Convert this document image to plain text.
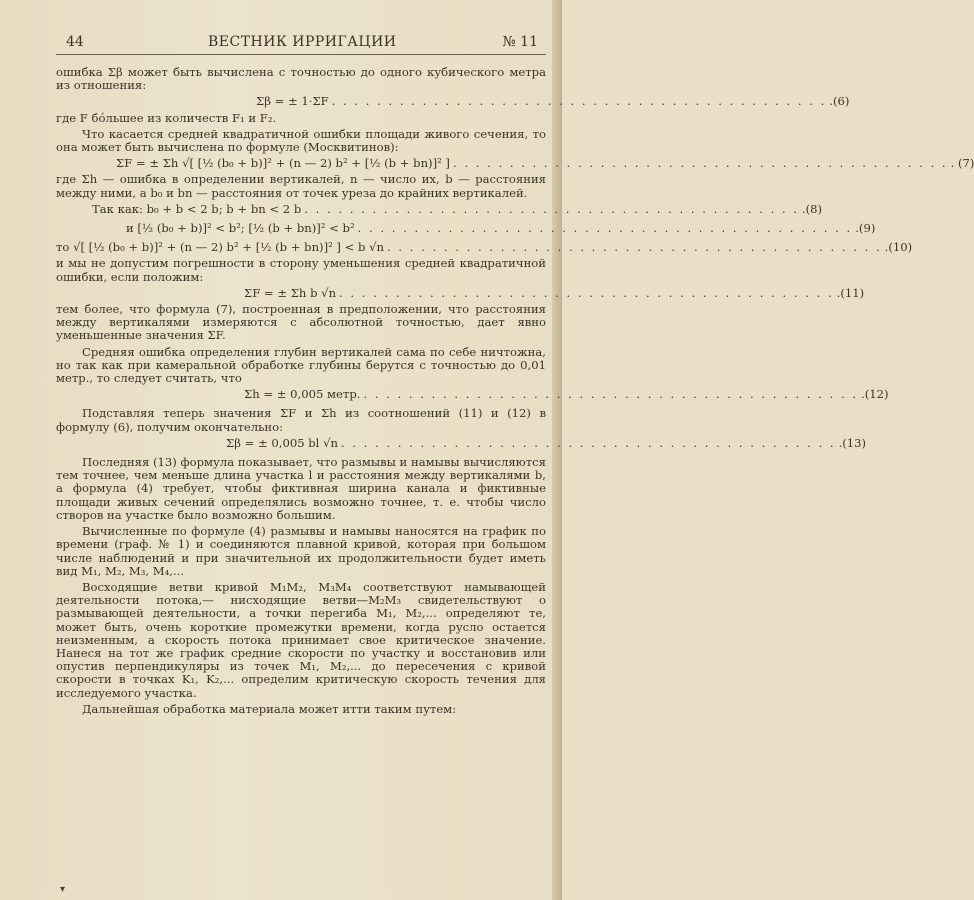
44	ВЕСТНИК ИРРИГАЦИИ	№ 11

ошибка Σβ может быть вычислена с точностью до одного кубического метра из отношения:

Σβ = ± 1·ΣF . . . . . . . . . . . . . . . . . . . . . . . . . . . . . . . . . . . . . . . . . . . . .(6)

где F бóльшее из количеств F₁ и F₂.

Что касается средней квадратичной ошибки площади живого сечения, то она может быть вычислена по формуле (Москвитинов):

ΣF = ± Σh √[ [½ (b₀ + b)]² + (n — 2) b² + [½ (b + bn)]² ] . . . . . . . . . . . . . . . . . . . . . . . . . . . . . . . . . . . . . . . . . . . . . (7)

где Σh — ошибка в определении вертикалей, n — число их, b — расстояния между ними, а b₀ и bn — расстояния от точек уреза до крайних вертикалей.

Так как: b₀ + b < 2 b; b + bn < 2 b . . . . . . . . . . . . . . . . . . . . . . . . . . . . . . . . . . . . . . . . . . . . .(8)
и [½ (b₀ + b)]² < b²; [½ (b + bn)]² < b² . . . . . . . . . . . . . . . . . . . . . . . . . . . . . . . . . . . . . . . . . . . . .(9)
то √[ [½ (b₀ + b)]² + (n — 2) b² + [½ (b + bn)]² ] < b √n . . . . . . . . . . . . . . . . . . . . . . . . . . . . . . . . . . . . . . . . . . . . .(10)

и мы не допустим погрешности в сторону уменьшения средней квадратичной ошибки, если положим:

ΣF = ± Σh b √n . . . . . . . . . . . . . . . . . . . . . . . . . . . . . . . . . . . . . . . . . . . . .(11)

тем более, что формула (7), построенная в предположении, что расстояния между вертикалями измеряются с абсолютной точностью, дает явно уменьшенные значения ΣF.

Средняя ошибка определения глубин вертикалей сама по себе ничтожна, но так как при камеральной обработке глубины берутся с точностью до 0,01 метр., то следует считать, что

Σh = ± 0,005 метр. . . . . . . . . . . . . . . . . . . . . . . . . . . . . . . . . . . . . . . . . . . . . .(12)

Подставляя теперь значения ΣF и Σh из соотношений (11) и (12) в формулу (6), получим окончательно:

Σβ = ± 0,005 bl √n . . . . . . . . . . . . . . . . . . . . . . . . . . . . . . . . . . . . . . . . . . . . .(13)

Последняя (13) формула показывает, что размывы и намывы вычисляются тем точнее, чем меньше длина участка l и расстояния между вертикалями b, а формула (4) требует, чтобы фиктивная ширина канала и фиктивные площади живых сечений определялись возможно точнее, т. е. чтобы число створов на участке было возможно большим.

Вычисленные по формуле (4) размывы и намывы наносятся на график по времени (граф. № 1) и соединяются плавной кривой, которая при большом числе наблюдений и при значительной их продолжительности будет иметь вид M₁, M₂, M₃, M₄,...

Восходящие ветви кривой M₁M₂, M₃M₄ соответствуют намывающей деятельности потока,— нисходящие ветви—M₂M₃ свидетельствуют о размывающей деятельности, а точки перегиба M₁, M₂,... определяют те, может быть, очень короткие промежутки времени, когда русло остается неизменным, а скорость потока принимает свое критическое значение. Нанеся на тот же график средние скорости по участку и восстановив или опустив перпендикуляры из точек M₁, M₂,... до пересечения с кривой скорости в точках K₁, K₂,... определим критическую скорость течения для исследуемого участка.

Дальнейшая обработка материала может итти таким путем:

▾
